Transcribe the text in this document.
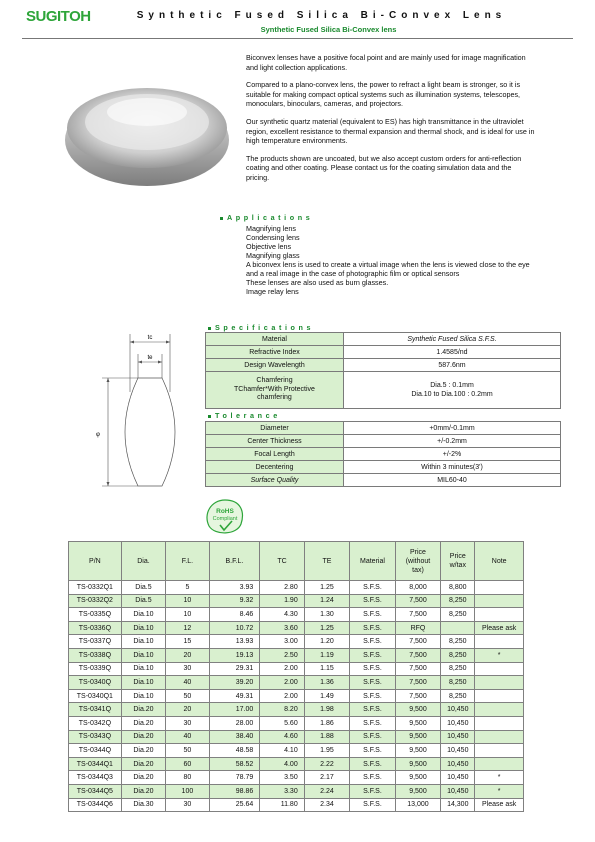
SUGITOH	Synthetic Fused Silica Bi-Convex Lens
Synthetic Fused Silica Bi-Convex lens

Biconvex lenses have a positive focal point and are mainly used for image magnification and light collection applications.

Compared to a plano-convex lens, the power to refract a light beam is stronger, so it is suitable for making compact optical systems such as illumination systems, telescopes, monoculars, binoculars, cameras, and projectors.

Our synthetic quartz material (equivalent to ES) has high transmittance in the ultraviolet region, excellent resistance to thermal expansion and thermal shock, and is ideal for use in high temperature environments.

The products shown are uncoated, but we also accept custom orders for anti-reflection coating and other coating. Please contact us for the coating simulation data and the pricing.

Applications
Magnifying lens
Condensing lens
Objective lens
Magnifying glass
A biconvex lens is used to create a virtual image when the lens is viewed close to the eye and a real image in the case of photographic film or optical sensors
These lenses are also used as burn glasses.
Image relay lens
Specifications
Material	Synthetic Fused Silica S.F.S.
Refractive Index	1.4585/nd
Design Wavelength	587.6nm
Chamfering
TChamfer*With Protective
chamfering	Dia.5 : 0.1mm
Dia.10 to Dia.100 : 0.2mm
Tolerance
Diameter	+0mm/-0.1mm
Center Thickness	+/-0.2mm
Focal Length	+/-2%
Decentering	Within 3 minutes(3')
Surface Quality	MIL60-40
tc
te
φ
RoHS
Compliant
P/N	Dia.	F.L.	B.F.L.	TC	TE	Material	Price
(without
tax)	Price
w/tax	Note
TS-0332Q1	Dia.5	5	3.93	2.80	1.25	S.F.S.	8,000	8,800	
TS-0332Q2	Dia.5	10	9.32	1.90	1.24	S.F.S.	7,500	8,250	
TS-0335Q	Dia.10	10	8.46	4.30	1.30	S.F.S.	7,500	8,250	
TS-0336Q	Dia.10	12	10.72	3.60	1.25	S.F.S.	RFQ		Please ask
TS-0337Q	Dia.10	15	13.93	3.00	1.20	S.F.S.	7,500	8,250	
TS-0338Q	Dia.10	20	19.13	2.50	1.19	S.F.S.	7,500	8,250	*
TS-0339Q	Dia.10	30	29.31	2.00	1.15	S.F.S.	7,500	8,250	
TS-0340Q	Dia.10	40	39.20	2.00	1.36	S.F.S.	7,500	8,250	
TS-0340Q1	Dia.10	50	49.31	2.00	1.49	S.F.S.	7,500	8,250	
TS-0341Q	Dia.20	20	17.00	8.20	1.98	S.F.S.	9,500	10,450	
TS-0342Q	Dia.20	30	28.00	5.60	1.86	S.F.S.	9,500	10,450	
TS-0343Q	Dia.20	40	38.40	4.60	1.88	S.F.S.	9,500	10,450	
TS-0344Q	Dia.20	50	48.58	4.10	1.95	S.F.S.	9,500	10,450	
TS-0344Q1	Dia.20	60	58.52	4.00	2.22	S.F.S.	9,500	10,450	
TS-0344Q3	Dia.20	80	78.79	3.50	2.17	S.F.S.	9,500	10,450	*
TS-0344Q5	Dia.20	100	98.86	3.30	2.24	S.F.S.	9,500	10,450	*
TS-0344Q6	Dia.30	30	25.64	11.80	2.34	S.F.S.	13,000	14,300	Please ask
